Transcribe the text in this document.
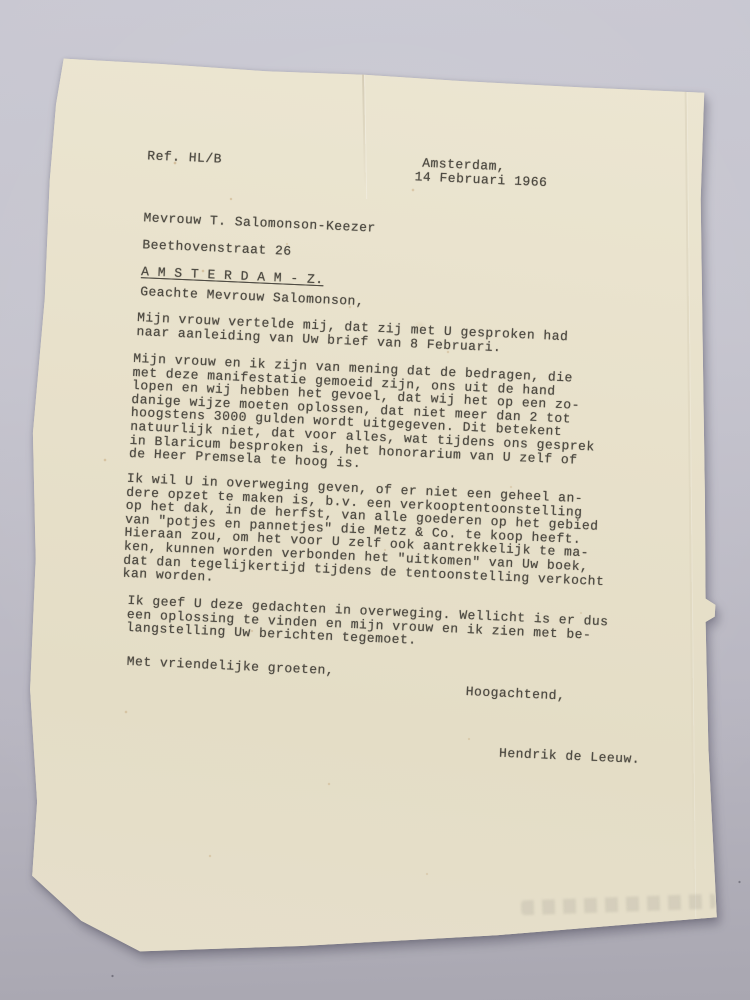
Ref. HL/B	Amsterdam,
14 Februari 1966

Mevrouw T. Salomonson-Keezer

Beethovenstraat 26

A M S T E R D A M - Z.

Geachte Mevrouw Salomonson,
Mijn vrouw vertelde mij, dat zij met U gesproken had
naar aanleiding van Uw brief van 8 Februari.
Mijn vrouw en ik zijn van mening dat de bedragen, die
met deze manifestatie gemoeid zijn, ons uit de hand
lopen en wij hebben het gevoel, dat wij het op een zo-
danige wijze moeten oplossen, dat niet meer dan 2 tot
hoogstens 3000 gulden wordt uitgegeven. Dit betekent
natuurlijk niet, dat voor alles, wat tijdens ons gesprek
in Blaricum besproken is, het honorarium van U zelf of
de Heer Premsela te hoog is.
Ik wil U in overweging geven, of er niet een geheel an-
dere opzet te maken is, b.v. een verkooptentoonstelling
op het dak, in de herfst, van alle goederen op het gebied
van "potjes en pannetjes" die Metz & Co. te koop heeft.
Hieraan zou, om het voor U zelf ook aantrekkelijk te ma-
ken, kunnen worden verbonden het "uitkomen" van Uw boek,
dat dan tegelijkertijd tijdens de tentoonstelling verkocht
kan worden.
Ik geef U deze gedachten in overweging. Wellicht is er dus
een oplossing te vinden en mijn vrouw en ik zien met be-
langstelling Uw berichten tegemoet.
Met vriendelijke groeten,
Hoogachtend,
Hendrik de Leeuw.
